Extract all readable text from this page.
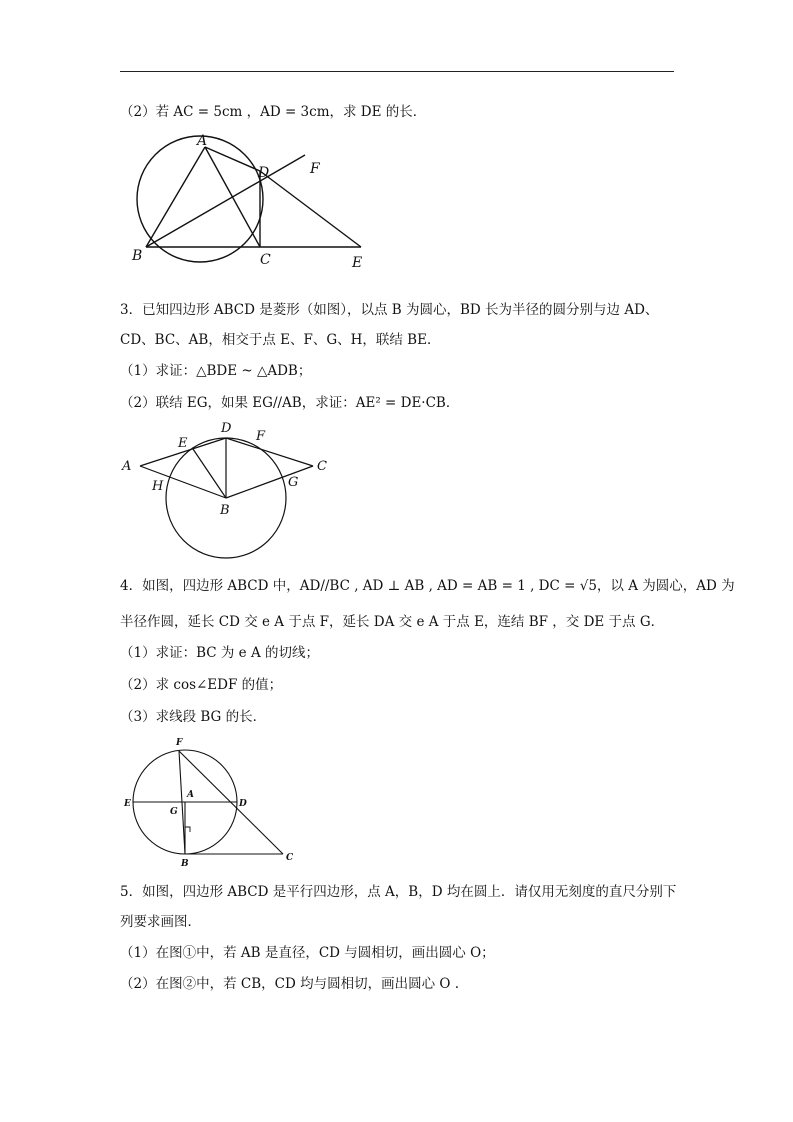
（2）若 AC = 5cm ，AD = 3cm，求 DE 的长．
A
D	F
B	C	E
3．已知四边形 ABCD 是菱形（如图），以点 B 为圆心，BD 长为半径的圆分别与边 AD、
CD、BC、AB，相交于点 E、F、G、H，联结 BE．
（1）求证：△BDE ~ △ADB；
（2）联结 EG，如果 EG//AB，求证：AE² = DE·CB．
A
E
D
F
C
H	G
B
4．如图，四边形 ABCD 中，AD//BC , AD ⊥ AB , AD = AB = 1 , DC = √5，以 A 为圆心，AD 为
半径作圆，延长 CD 交 e A 于点 F，延长 DA 交 e A 于点 E，连结 BF ，交 DE 于点 G．
（1）求证：BC 为 e A 的切线；
（2）求 cos∠EDF 的值；
（3）求线段 BG 的长．
F
E
A
G
D
B
C
5．如图，四边形 ABCD 是平行四边形，点 A，B，D 均在圆上．请仅用无刻度的直尺分别下
列要求画图．
（1）在图①中，若 AB 是直径，CD 与圆相切，画出圆心 O；
（2）在图②中，若 CB，CD 均与圆相切，画出圆心 O .
